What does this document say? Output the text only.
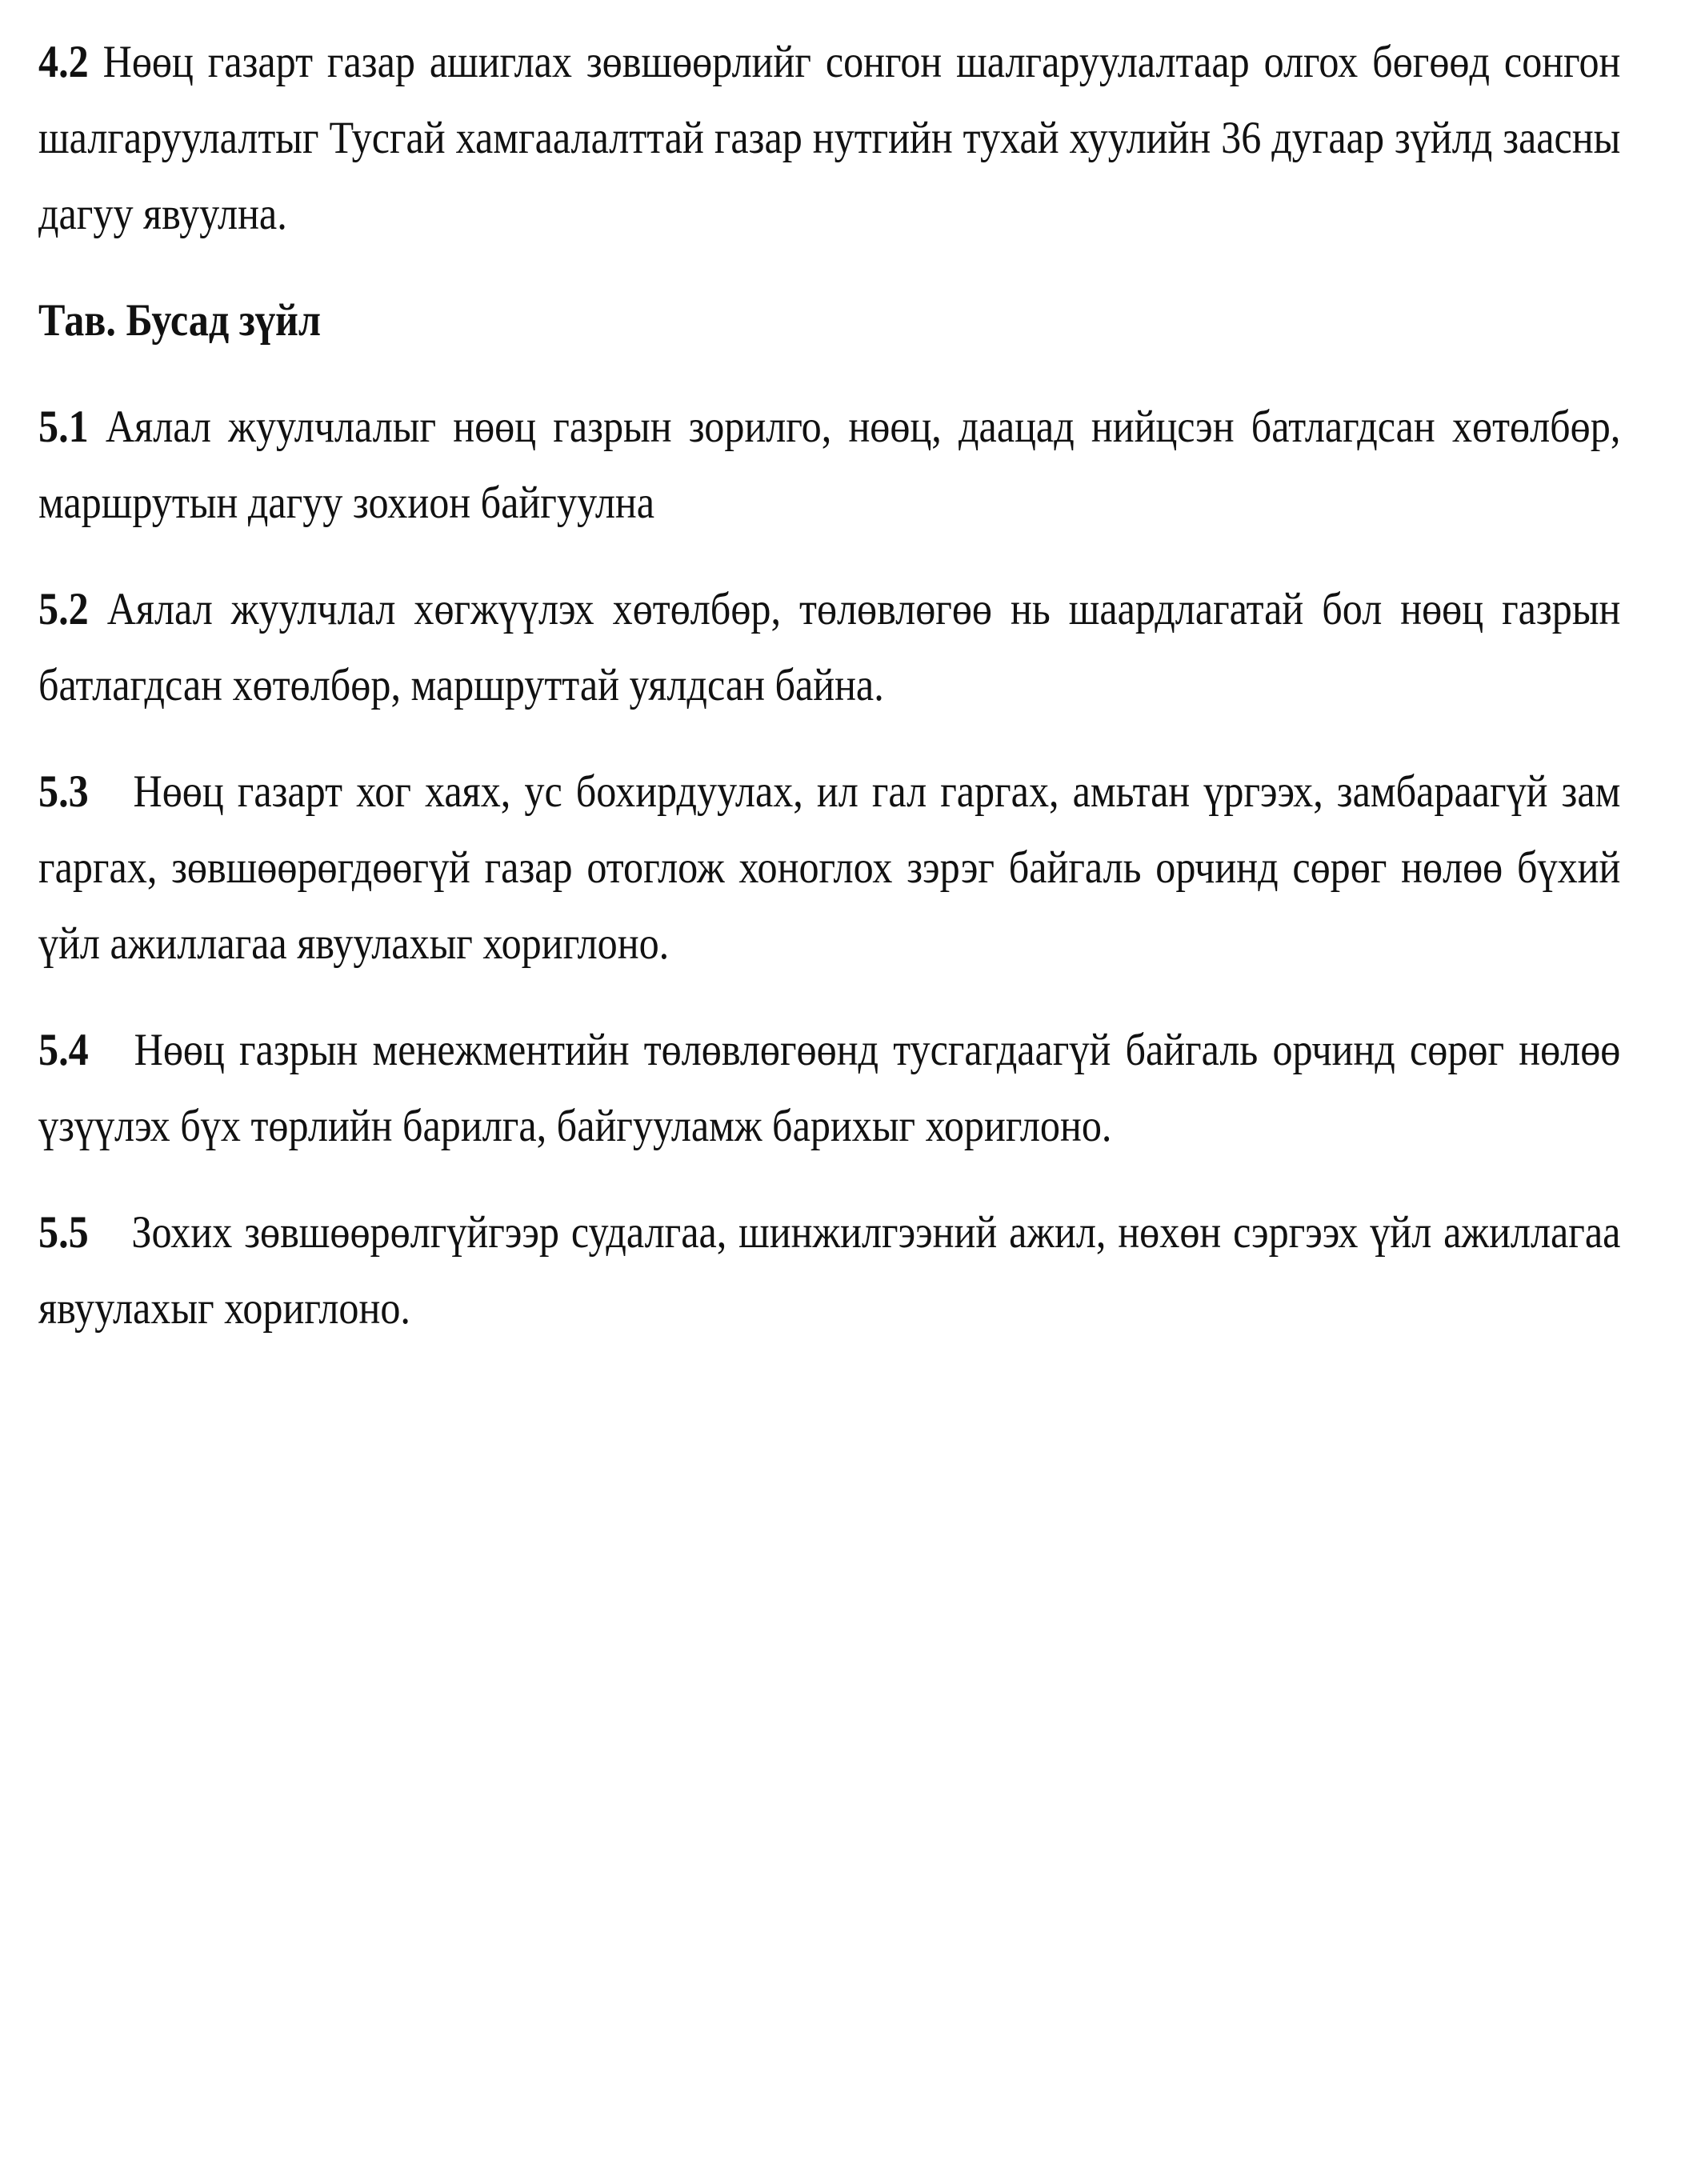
4.2 Нөөц газарт газар ашиглах зөвшөөрлийг сонгон шалгаруулалтаар олгох бөгөөд сонгон шалгаруулалтыг Тусгай хамгаалалттай газар нутгийн тухай хуулийн 36 дугаар зүйлд заасны дагуу явуулна.

Тав. Бусад зүйл

5.1 Аялал жуулчлалыг нөөц газрын зорилго, нөөц, даацад нийцсэн батлагдсан хөтөлбөр, маршрутын дагуу зохион байгуулна

5.2 Аялал жуулчлал хөгжүүлэх хөтөлбөр, төлөвлөгөө нь шаардлагатай бол нөөц газрын батлагдсан хөтөлбөр, маршруттай уялдсан байна.

5.3 Нөөц газарт хог хаях, ус бохирдуулах, ил гал гаргах, амьтан үргээх, замбараагүй зам гаргах, зөвшөөрөгдөөгүй газар отоглож хоноглох зэрэг байгаль орчинд сөрөг нөлөө бүхий үйл ажиллагаа явуулахыг хориглоно.

5.4 Нөөц газрын менежментийн төлөвлөгөөнд тусгагдаагүй байгаль орчинд сөрөг нөлөө үзүүлэх бүх төрлийн барилга, байгууламж барихыг хориглоно.

5.5 Зохих зөвшөөрөлгүйгээр судалгаа, шинжилгээний ажил, нөхөн сэргээх үйл ажиллагаа явуулахыг хориглоно.
